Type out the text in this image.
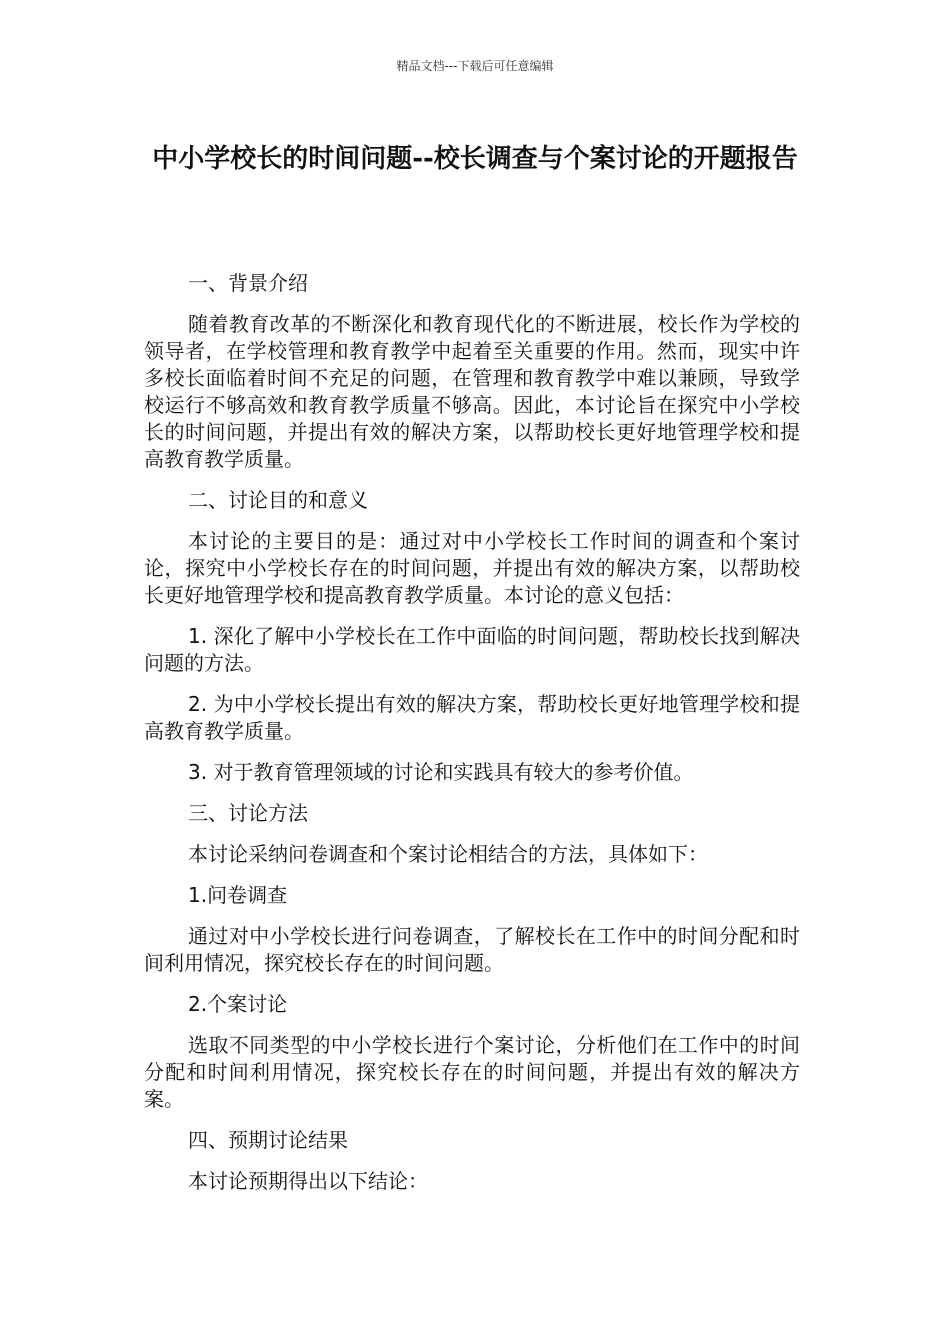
精品文档---下载后可任意编辑
中小学校长的时间问题--校长调查与个案讨论的开题报告

一、背景介绍

随着教育改革的不断深化和教育现代化的不断进展，校长作为学校的领导者，在学校管理和教育教学中起着至关重要的作用。然而，现实中许多校长面临着时间不充足的问题，在管理和教育教学中难以兼顾，导致学校运行不够高效和教育教学质量不够高。因此，本讨论旨在探究中小学校长的时间问题，并提出有效的解决方案，以帮助校长更好地管理学校和提高教育教学质量。

二、讨论目的和意义

本讨论的主要目的是：通过对中小学校长工作时间的调查和个案讨论，探究中小学校长存在的时间问题，并提出有效的解决方案，以帮助校长更好地管理学校和提高教育教学质量。本讨论的意义包括：

1. 深化了解中小学校长在工作中面临的时间问题，帮助校长找到解决问题的方法。

2. 为中小学校长提出有效的解决方案，帮助校长更好地管理学校和提高教育教学质量。

3. 对于教育管理领域的讨论和实践具有较大的参考价值。

三、讨论方法

本讨论采纳问卷调查和个案讨论相结合的方法，具体如下：

1.问卷调查

通过对中小学校长进行问卷调查，了解校长在工作中的时间分配和时间利用情况，探究校长存在的时间问题。

2.个案讨论

选取不同类型的中小学校长进行个案讨论，分析他们在工作中的时间分配和时间利用情况，探究校长存在的时间问题，并提出有效的解决方案。

四、预期讨论结果

本讨论预期得出以下结论：
